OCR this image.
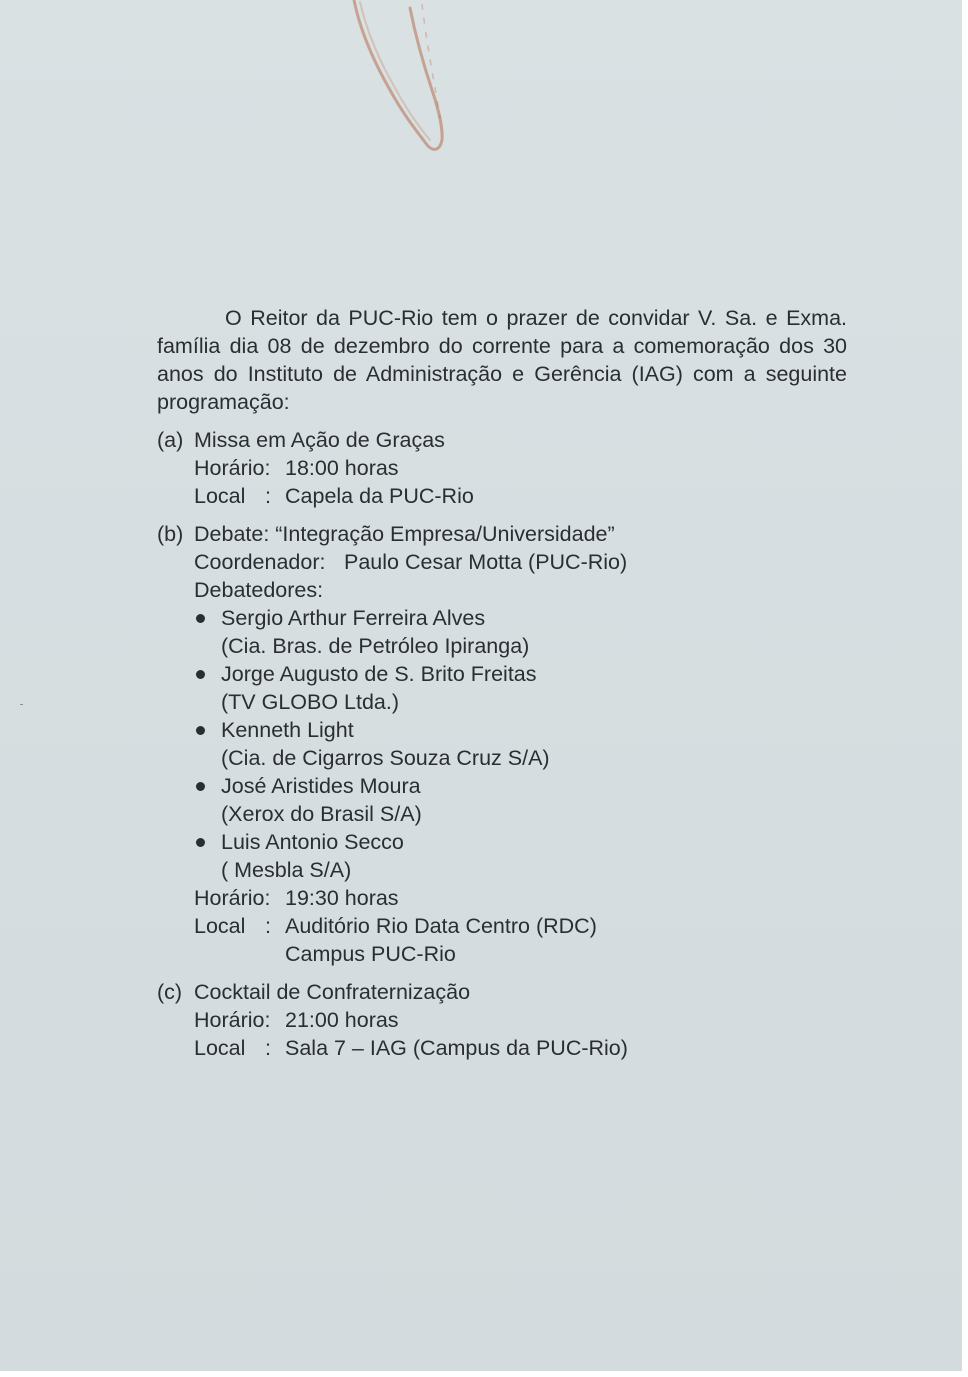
O Reitor da PUC-Rio tem o prazer de convidar V. Sa. e Exma. família dia 08 de dezembro do corrente para a comemoração dos 30 anos do Instituto de Administração e Gerência (IAG) com a seguinte programação:

(a) Missa em Ação de Graças
Horário: 18:00 horas
Local : Capela da PUC-Rio
(b) Debate: “Integração Empresa/Universidade”
Coordenador: Paulo Cesar Motta (PUC-Rio)
Debatedores:
Sergio Arthur Ferreira Alves
(Cia. Bras. de Petróleo Ipiranga)
Jorge Augusto de S. Brito Freitas
(TV GLOBO Ltda.)
Kenneth Light
(Cia. de Cigarros Souza Cruz S/A)
José Aristides Moura
(Xerox do Brasil S/A)
Luis Antonio Secco
( Mesbla S/A)
Horário: 19:30 horas
Local : Auditório Rio Data Centro (RDC)
Campus PUC-Rio
(c) Cocktail de Confraternização
Horário: 21:00 horas
Local : Sala 7 – IAG (Campus da PUC-Rio)
